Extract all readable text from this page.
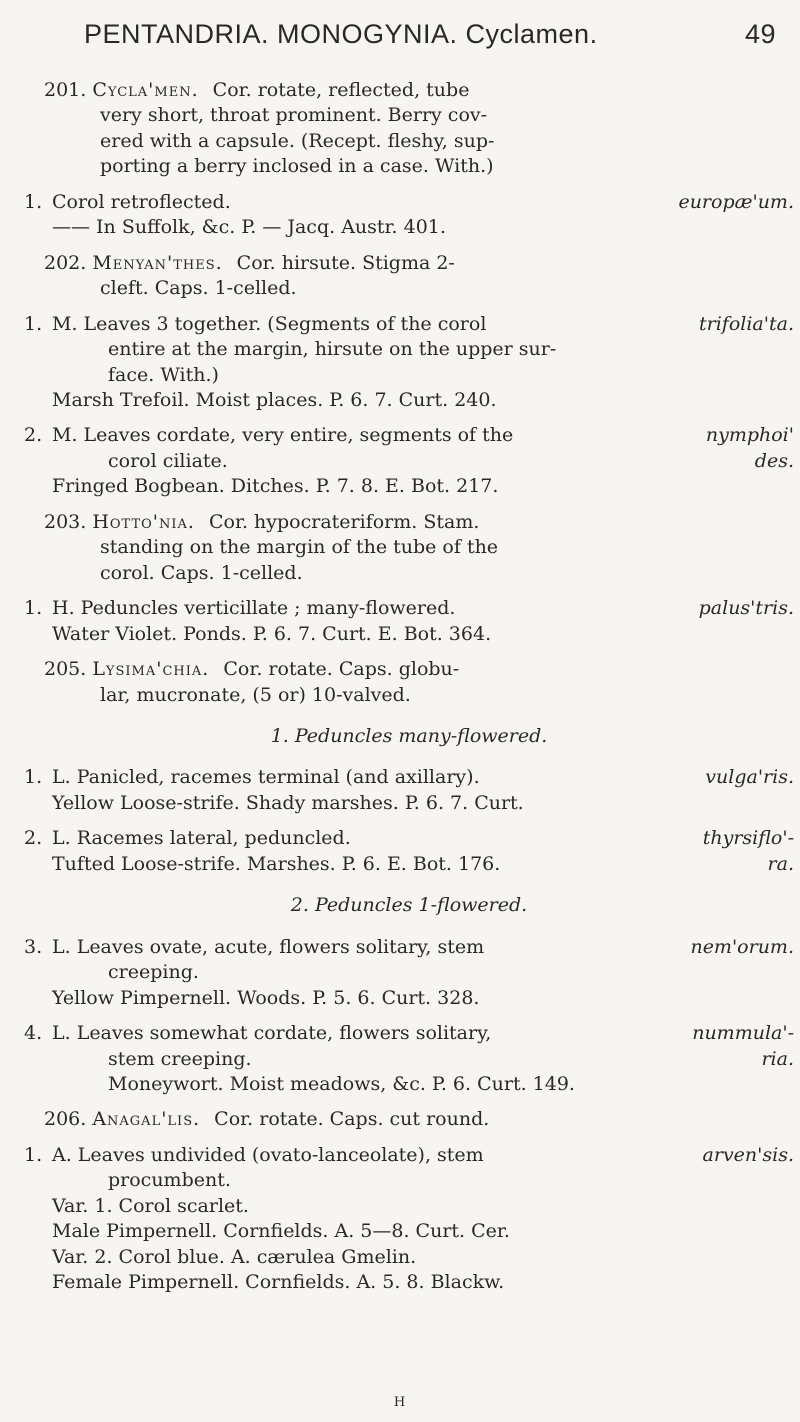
PENTANDRIA. MONOGYNIA. Cyclamen.	49
201. Cycla'men. Cor. rotate, reflected, tube
very short, throat prominent. Berry cov-
ered with a capsule. (Recept. fleshy, sup-
porting a berry inclosed in a case. With.)
1.	europæ'um.
Corol retroflected.
—— In Suffolk, &c. P. — Jacq. Austr. 401.
202. Menyan'thes. Cor. hirsute. Stigma 2-
cleft. Caps. 1-celled.
1.	trifolia'ta.
M. Leaves 3 together. (Segments of the corol
entire at the margin, hirsute on the upper sur-
face. With.)
Marsh Trefoil. Moist places. P. 6. 7. Curt. 240.
2.	nymphoi'
des.
M. Leaves cordate, very entire, segments of the
corol ciliate.
Fringed Bogbean. Ditches. P. 7. 8. E. Bot. 217.
203. Hotto'nia. Cor. hypocrateriform. Stam.
standing on the margin of the tube of the
corol. Caps. 1-celled.
1.	palus'tris.
H. Peduncles verticillate ; many-flowered.
Water Violet. Ponds. P. 6. 7. Curt. E. Bot. 364.
205. Lysima'chia. Cor. rotate. Caps. globu-
lar, mucronate, (5 or) 10-valved.
1. Peduncles many-flowered.
1.	vulga'ris.
L. Panicled, racemes terminal (and axillary).
Yellow Loose-strife. Shady marshes. P. 6. 7. Curt.
2.	thyrsiflo'-
ra.
L. Racemes lateral, peduncled.
Tufted Loose-strife. Marshes. P. 6. E. Bot. 176.
2. Peduncles 1-flowered.
3.	nem'orum.
L. Leaves ovate, acute, flowers solitary, stem
creeping.
Yellow Pimpernell. Woods. P. 5. 6. Curt. 328.
4.	nummula'-
ria.
L. Leaves somewhat cordate, flowers solitary,
stem creeping.
Moneywort. Moist meadows, &c. P. 6. Curt. 149.
206. Anagal'lis. Cor. rotate. Caps. cut round.
1.	arven'sis.
A. Leaves undivided (ovato-lanceolate), stem
procumbent.
Var. 1. Corol scarlet.
Male Pimpernell. Cornfields. A. 5—8. Curt. Cer.
Var. 2. Corol blue. A. cærulea Gmelin.
Female Pimpernell. Cornfields. A. 5. 8. Blackw.
H
